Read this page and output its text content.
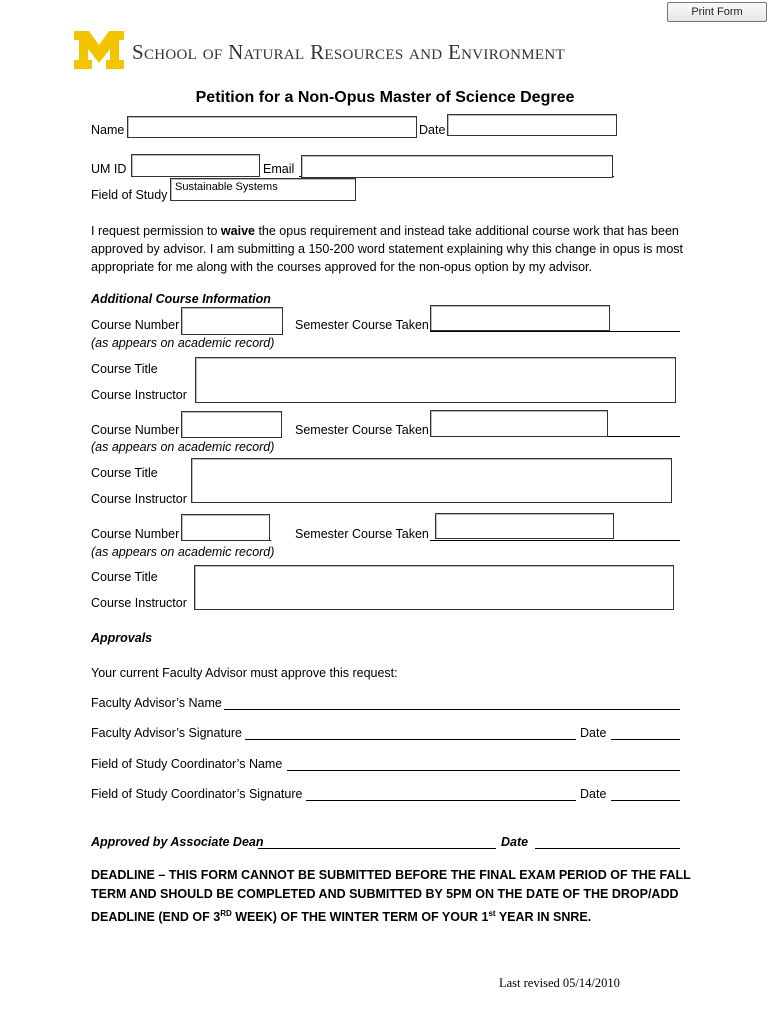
Print Form
SCHOOL OF NATURAL RESOURCES AND ENVIRONMENT
Petition for a Non-Opus Master of Science Degree
Name	Date
UM ID	Email
Field of Study
Sustainable Systems
I request permission to waive the opus requirement and instead take additional course work that has been approved by advisor. I am submitting a 150-200 word statement explaining why this change in opus is most appropriate for me along with the courses approved for the non-opus option by my advisor.
Additional Course Information
Course Number	Semester Course Taken
(as appears on academic record)
Course Title
Course Instructor
Course Number	Semester Course Taken
(as appears on academic record)
Course Title
Course Instructor
Course Number	Semester Course Taken
(as appears on academic record)
Course Title
Course Instructor
Approvals
Your current Faculty Advisor must approve this request:
Faculty Advisor’s Name
Faculty Advisor’s Signature	Date
Field of Study Coordinator’s Name
Field of Study Coordinator’s Signature	Date
Approved by Associate Dean	Date
DEADLINE – THIS FORM CANNOT BE SUBMITTED BEFORE THE FINAL EXAM PERIOD OF THE FALL TERM AND SHOULD BE COMPLETED AND SUBMITTED BY 5PM ON THE DATE OF THE DROP/ADD DEADLINE (END OF 3RD WEEK) OF THE WINTER TERM OF YOUR 1st YEAR IN SNRE.
Last revised 05/14/2010
